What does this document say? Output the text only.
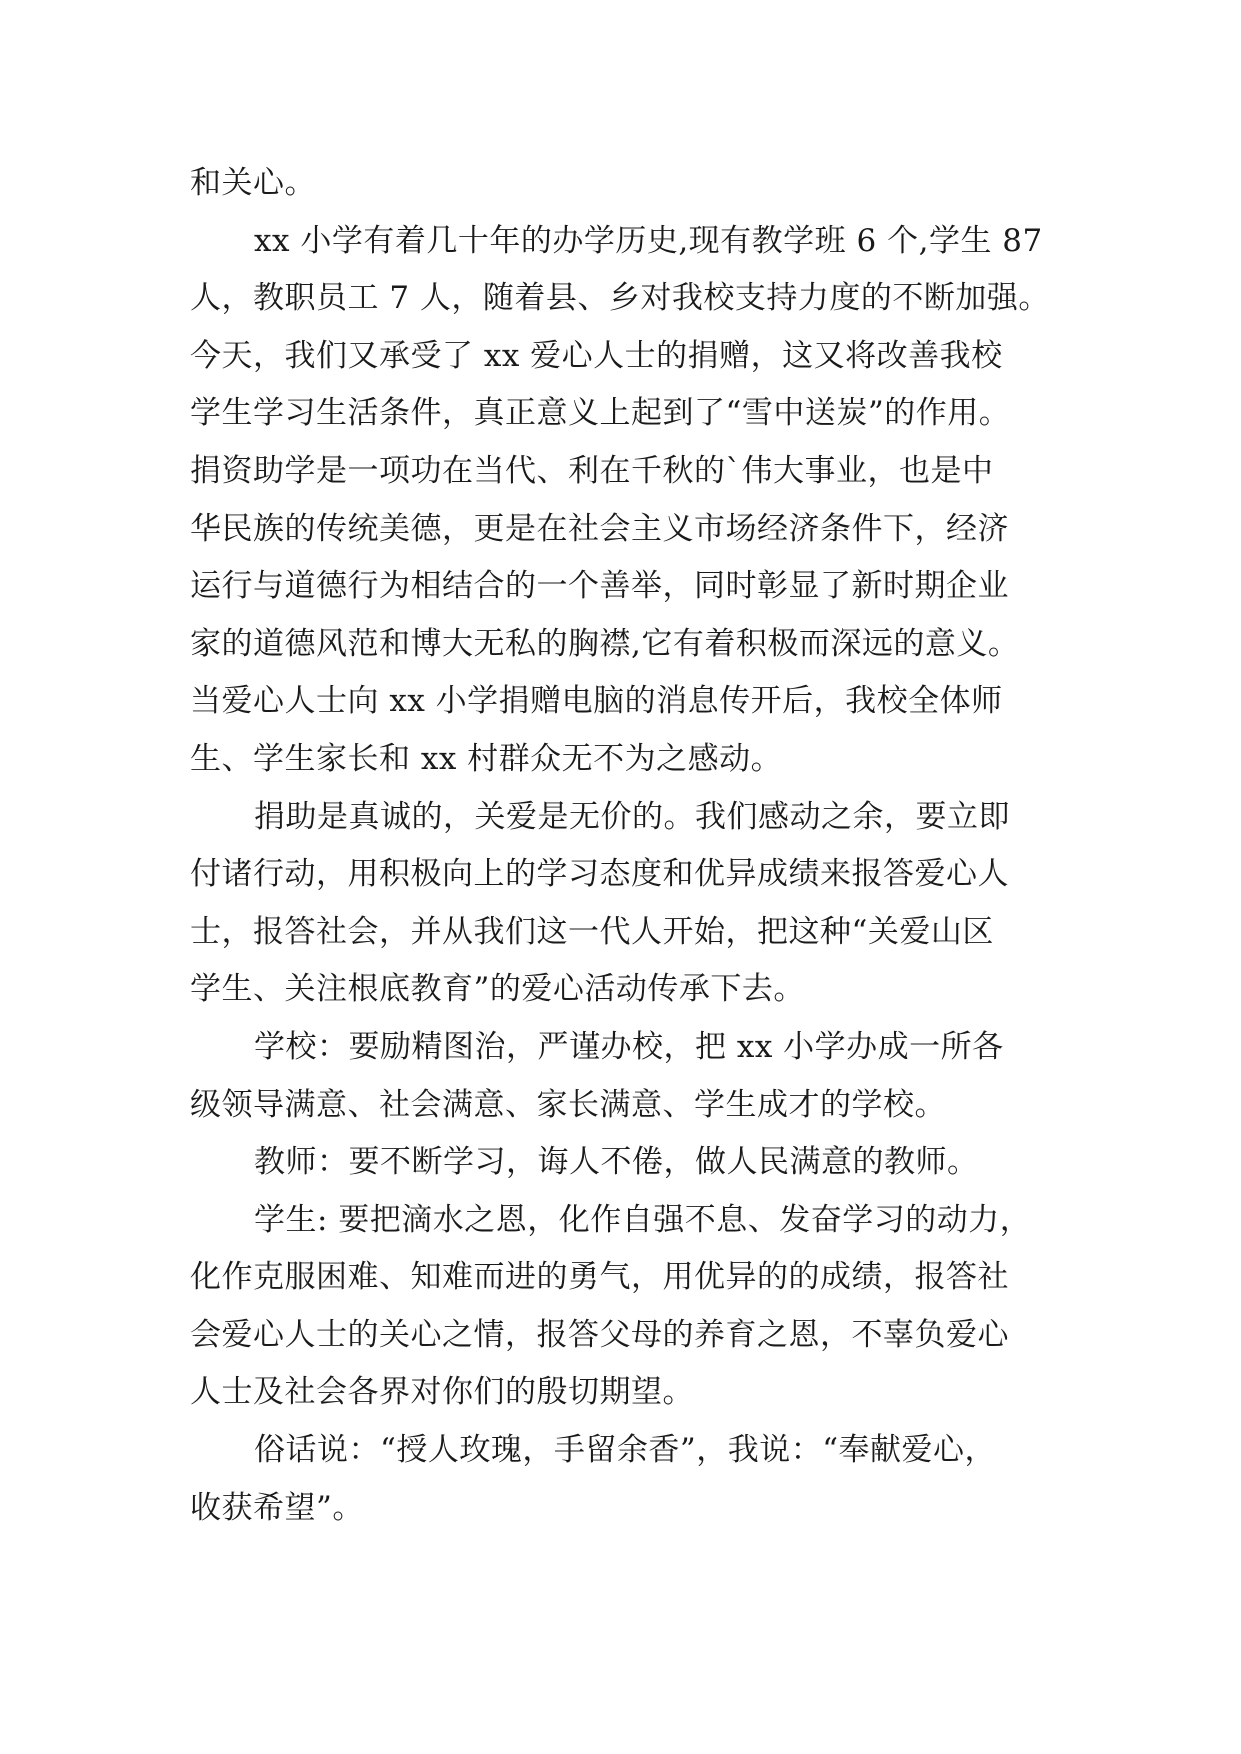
和关心。
xx 小学有着几十年的办学历史,现有教学班 6 个,学生 87
人，教职员工 7 人，随着县、乡对我校支持力度的不断加强。
今天，我们又承受了 xx 爱心人士的捐赠，这又将改善我校
学生学习生活条件，真正意义上起到了“雪中送炭”的作用。
捐资助学是一项功在当代、利在千秋的`伟大事业，也是中
华民族的传统美德，更是在社会主义市场经济条件下，经济
运行与道德行为相结合的一个善举，同时彰显了新时期企业
家的道德风范和博大无私的胸襟,它有着积极而深远的意义。
当爱心人士向 xx 小学捐赠电脑的消息传开后，我校全体师
生、学生家长和 xx 村群众无不为之感动。
捐助是真诚的，关爱是无价的。我们感动之余，要立即
付诸行动，用积极向上的学习态度和优异成绩来报答爱心人
士，报答社会，并从我们这一代人开始，把这种“关爱山区
学生、关注根底教育”的爱心活动传承下去。
学校：要励精图治，严谨办校，把 xx 小学办成一所各
级领导满意、社会满意、家长满意、学生成才的学校。
教师：要不断学习，诲人不倦，做人民满意的教师。
学生: 要把滴水之恩，化作自强不息、发奋学习的动力，
化作克服困难、知难而进的勇气，用优异的的成绩，报答社
会爱心人士的关心之情，报答父母的养育之恩，不辜负爱心
人士及社会各界对你们的殷切期望。
俗话说：“授人玫瑰，手留余香”，我说：“奉献爱心，
收获希望”。
